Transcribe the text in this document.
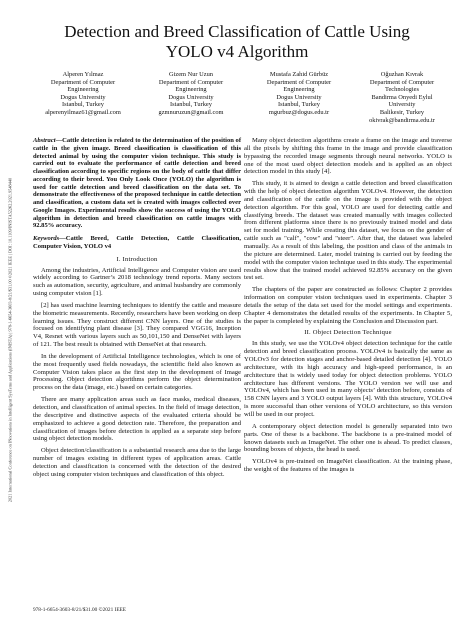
2021 International Conference on INnovations in Intelligent SysTems and Applications (INISTA) | 978-1-6654-3603-8/21/$31.00 ©2021 IEEE | DOI: 10.1109/INISTA52262.2021.9548440
Detection and Breed Classification of Cattle Using
YOLO v4 Algorithm
Alperen Yılmaz
Department of Computer
Engineering
Dogus University
Istanbul, Turkey
alperenyilmaz61@gmail.com
Gizem Nur Uzun
Department of Computer
Engineering
Dogus University
Istanbul, Turkey
gzmnuruzun@gmail.com
Mustafa Zahid Gürbüz
Department of Computer
Engineering
Dogus University
Istanbul, Turkey
mgurbuz@dogus.edu.tr
Oğuzhan Kıvrak
Department of Computer
Technologies
Bandirma Onyedi Eylul
University
Balikesir, Turkey
okivrak@bandirma.edu.tr

Abstract—Cattle detection is related to the determination of the position of cattle in the given image. Breed classification is classification of this detected animal by using the computer vision technique. This study is carried out to evaluate the performance of cattle detection and breed classification according to specific regions on the body of cattle that differ according to their breed. You Only Look Once (YOLO) the algorithm is used for cattle detection and breed classification on the data set. To demonstrate the effectiveness of the proposed technique in cattle detection and classification, a custom data set is created with images collected over Google Images. Experimental results show the success of using the YOLO algorithm in detection and breed classification on cattle images with 92.85% accuracy.

Keywords—Cattle Breed, Cattle Detection, Cattle Classification, Computer Vision, YOLO v4

I. Introduction

Among the industries, Artificial Intelligence and Computer vision are used widely according to Gartner’s 2018 technology trend reports. Many sectors such as automation, security, agriculture, and animal husbandry are commonly using computer vision [1].

[2] has used machine learning techniques to identify the cattle and measure the biometric measurements. Recently, researchers have been working on deep learning issues. They construct different CNN layers. One of the studies is focused on identifying plant disease [3]. They compared VGG16, Inception V4, Resnet with various layers such as 50,101,150 and DenseNet with layers of 121. The best result is obtained with DenseNet at that research.

In the development of Artificial Intelligence technologies, which is one of the most frequently used fields nowadays, the scientific field also known as Computer Vision takes place as the first step in the development of Image Processing. Object detection algorithms perform the object determination process on the data (image, etc.) based on certain categories.

There are many application areas such as face masks, medical diseases, detection, and classification of animal species. In the field of image detection, the descriptive and distinctive aspects of the evaluated criteria should be emphasized to achieve a good detection rate. Therefore, the preparation and classification of images before detection is applied as a separate step before using object detection models.

Object detection/classification is a substantial research area due to the large number of images existing in different types of application areas. Cattle detection and classification is concerned with the detection of the desired object using computer vision techniques and classification of this object.

Many object detection algorithms create a frame on the image and traverse all the pixels by shifting this frame in the image and provide classification bypassing the recorded image segments through neural networks. YOLO is one of the most used object detection models and is applied as an object detection model in this study [4].

This study, it is aimed to design a cattle detection and breed classification with the help of object detection algorithm YOLOv4. However, the detection and classification of the cattle on the image is provided with the object detection algorithm. For this goal, YOLO are used for detecting cattle and classifying breeds. The dataset was created manually with images collected from different platforms since there is no previously trained model and data set for model training. While creating this dataset, we focus on the gender of cattle such as "calf", "cow" and "steer". After that, the dataset was labeled manually. As a result of this labeling, the position and class of the animals in the picture are determined. Later, model training is carried out by feeding the model with the computer vision technique used in this study. The experimental results show that the trained model achieved 92.85% accuracy on the given test set.

The chapters of the paper are constructed as follows: Chapter 2 provides information on computer vision techniques used in experiments. Chapter 3 details the setup of the data set used for the model settings and experiments. Chapter 4 demonstrates the detailed results of the experiments. In Chapter 5, the paper is completed by explaining the Conclusion and Discussion part.

II. Object Detection Technique

In this study, we use the YOLOv4 object detection technique for the cattle detection and breed classification process. YOLOv4 is basically the same as YOLOv3 for detection stages and anchor-based detailed detection [4]. YOLO architecture, with its high accuracy and high-speed performance, is an architecture that is widely used today for object detection problems. YOLO architecture has different versions. The YOLO version we will use and YOLOv4, which has been used in many objects’ detection before, consists of 158 CNN layers and 3 YOLO output layers [4]. With this structure, YOLOv4 is more successful than other versions of YOLO architecture, so this version will be used in our project.

A contemporary object detection model is generally separated into two parts. One of these is a backbone. The backbone is a pre-trained model of known datasets such as ImageNet. The other one is ahead. To predict classes, bounding boxes of objects, the head is used.

YOLOv4 is pre-trained on ImageNet classification. At the training phase, the weight of the features of the images is

978-1-6654-3603-8/21/$31.00 ©2021 IEEE
